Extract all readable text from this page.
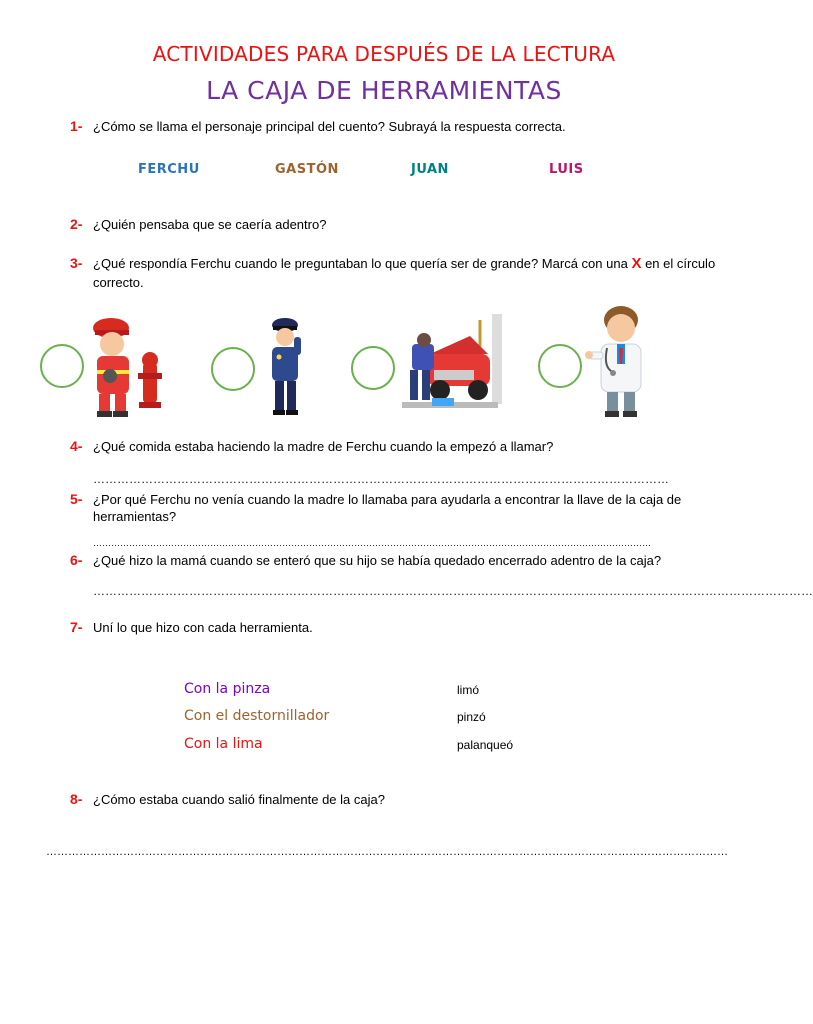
ACTIVIDADES PARA DESPUÉS DE LA LECTURA
LA CAJA DE HERRAMIENTAS
1- ¿Cómo se llama el personaje principal del cuento? Subrayá la respuesta correcta.
FERCHU	GASTÓN	JUAN	LUIS
2- ¿Quién pensaba que se caería adentro?
3- ¿Qué respondía Ferchu cuando le preguntaban lo que quería ser de grande? Marcá con una X en el círculo
correcto.
4- ¿Qué comida estaba haciendo la madre de Ferchu cuando la empezó a llamar?
………………………………………………………………………………………………………………………………
5- ¿Por qué Ferchu no venía cuando la madre lo llamaba para ayudarla a encontrar la llave de la caja de
herramientas?
……………………………………………………………………………………………………………………………………………………………………
6- ¿Qué hizo la mamá cuando se enteró que su hijo se había quedado encerrado adentro de la caja?
………………………………………………………………………………………………………………………………………………………………
7- Uní lo que hizo con cada herramienta.
Con la pinza
Con el destornillador
Con la lima
limó
pinzó
palanqueó
8- ¿Cómo estaba cuando salió finalmente de la caja?
……………………………………………………………………………………………………………………………………………………………………
